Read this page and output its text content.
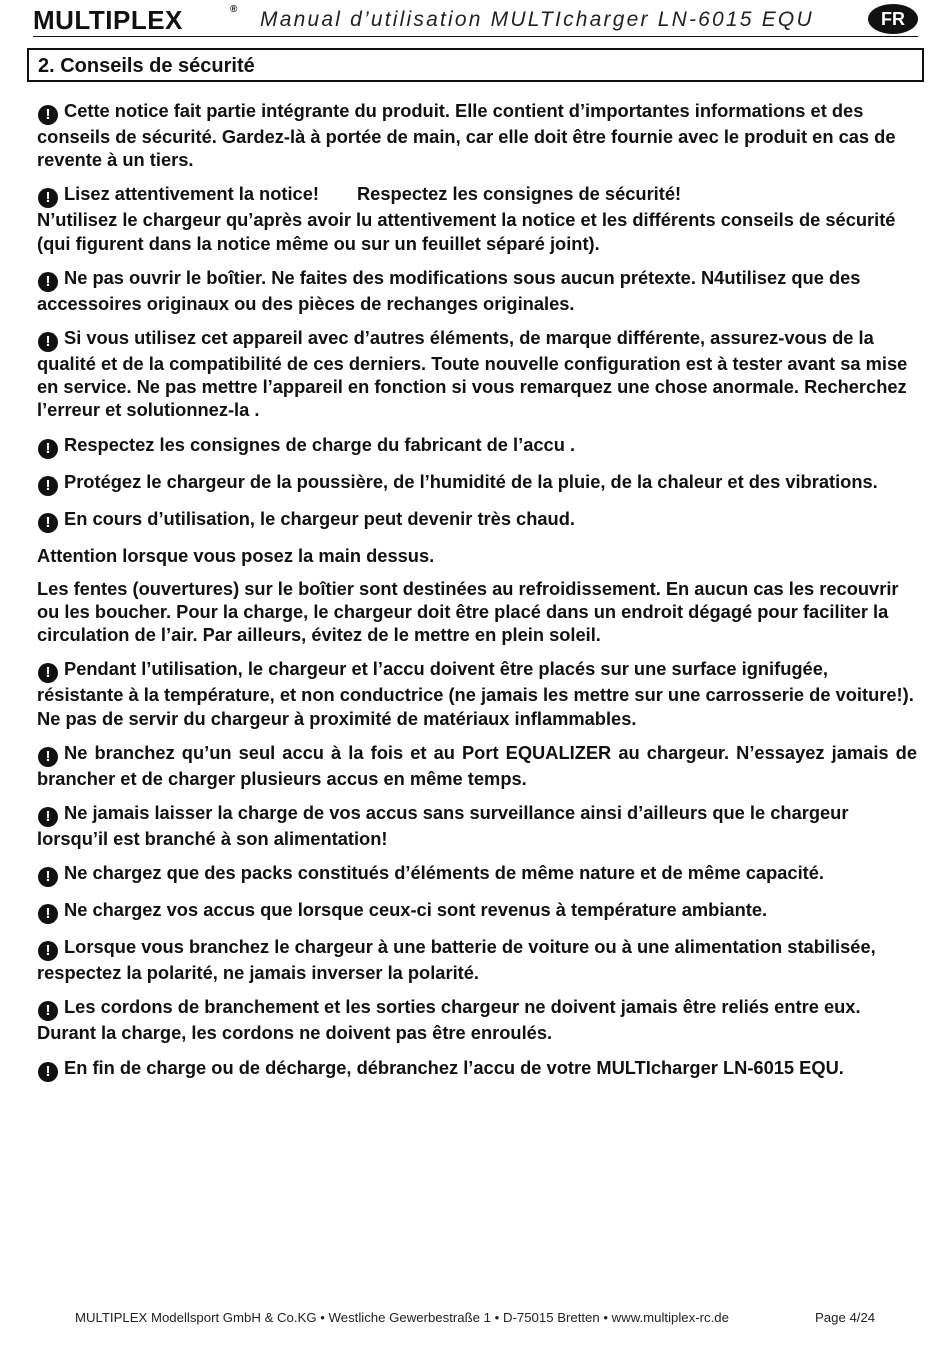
MULTIPLEX	® Manual d’utilisation MULTIcharger LN-6015 EQU	FR
2. Conseils de sécurité

! Cette notice fait partie intégrante du produit. Elle contient d’importantes informations et des conseils de sécurité. Gardez-là à portée de main, car elle doit être fournie avec le produit en cas de revente à un tiers.

! Lisez attentivement la notice! Respectez les consignes de sécurité!
N’utilisez le chargeur qu’après avoir lu attentivement la notice et les différents conseils de sécurité (qui figurent dans la notice même ou sur un feuillet séparé joint).

! Ne pas ouvrir le boîtier. Ne faites des modifications sous aucun prétexte. N4utilisez que des accessoires originaux ou des pièces de rechanges originales.

! Si vous utilisez cet appareil avec d’autres éléments, de marque différente, assurez-vous de la qualité et de la compatibilité de ces derniers. Toute nouvelle configuration est à tester avant sa mise en service. Ne pas mettre l’appareil en fonction si vous remarquez une chose anormale. Recherchez l’erreur et solutionnez-la .

! Respectez les consignes de charge du fabricant de l’accu .

! Protégez le chargeur de la poussière, de l’humidité de la pluie, de la chaleur et des vibrations.

! En cours d’utilisation, le chargeur peut devenir très chaud.

Attention lorsque vous posez la main dessus.

Les fentes (ouvertures) sur le boîtier sont destinées au refroidissement. En aucun cas les recouvrir ou les boucher. Pour la charge, le chargeur doit être placé dans un endroit dégagé pour faciliter la circulation de l’air. Par ailleurs, évitez de le mettre en plein soleil.

! Pendant l’utilisation, le chargeur et l’accu doivent être placés sur une surface ignifugée, résistante à la température, et non conductrice (ne jamais les mettre sur une carrosserie de voiture!). Ne pas de servir du chargeur à proximité de matériaux inflammables.

! Ne branchez qu’un seul accu à la fois et au Port EQUALIZER au chargeur. N’essayez jamais de brancher et de charger plusieurs accus en même temps.

! Ne jamais laisser la charge de vos accus sans surveillance ainsi d’ailleurs que le chargeur lorsqu’il est branché à son alimentation!

! Ne chargez que des packs constitués d’éléments de même nature et de même capacité.

! Ne chargez vos accus que lorsque ceux-ci sont revenus à température ambiante.

! Lorsque vous branchez le chargeur à une batterie de voiture ou à une alimentation stabilisée, respectez la polarité, ne jamais inverser la polarité.

! Les cordons de branchement et les sorties chargeur ne doivent jamais être reliés entre eux. Durant la charge, les cordons ne doivent pas être enroulés.

! En fin de charge ou de décharge, débranchez l’accu de votre MULTIcharger LN-6015 EQU.

MULTIPLEX Modellsport GmbH & Co.KG • Westliche Gewerbestraße 1 • D-75015 Bretten • www.multiplex-rc.de	Page 4/24
